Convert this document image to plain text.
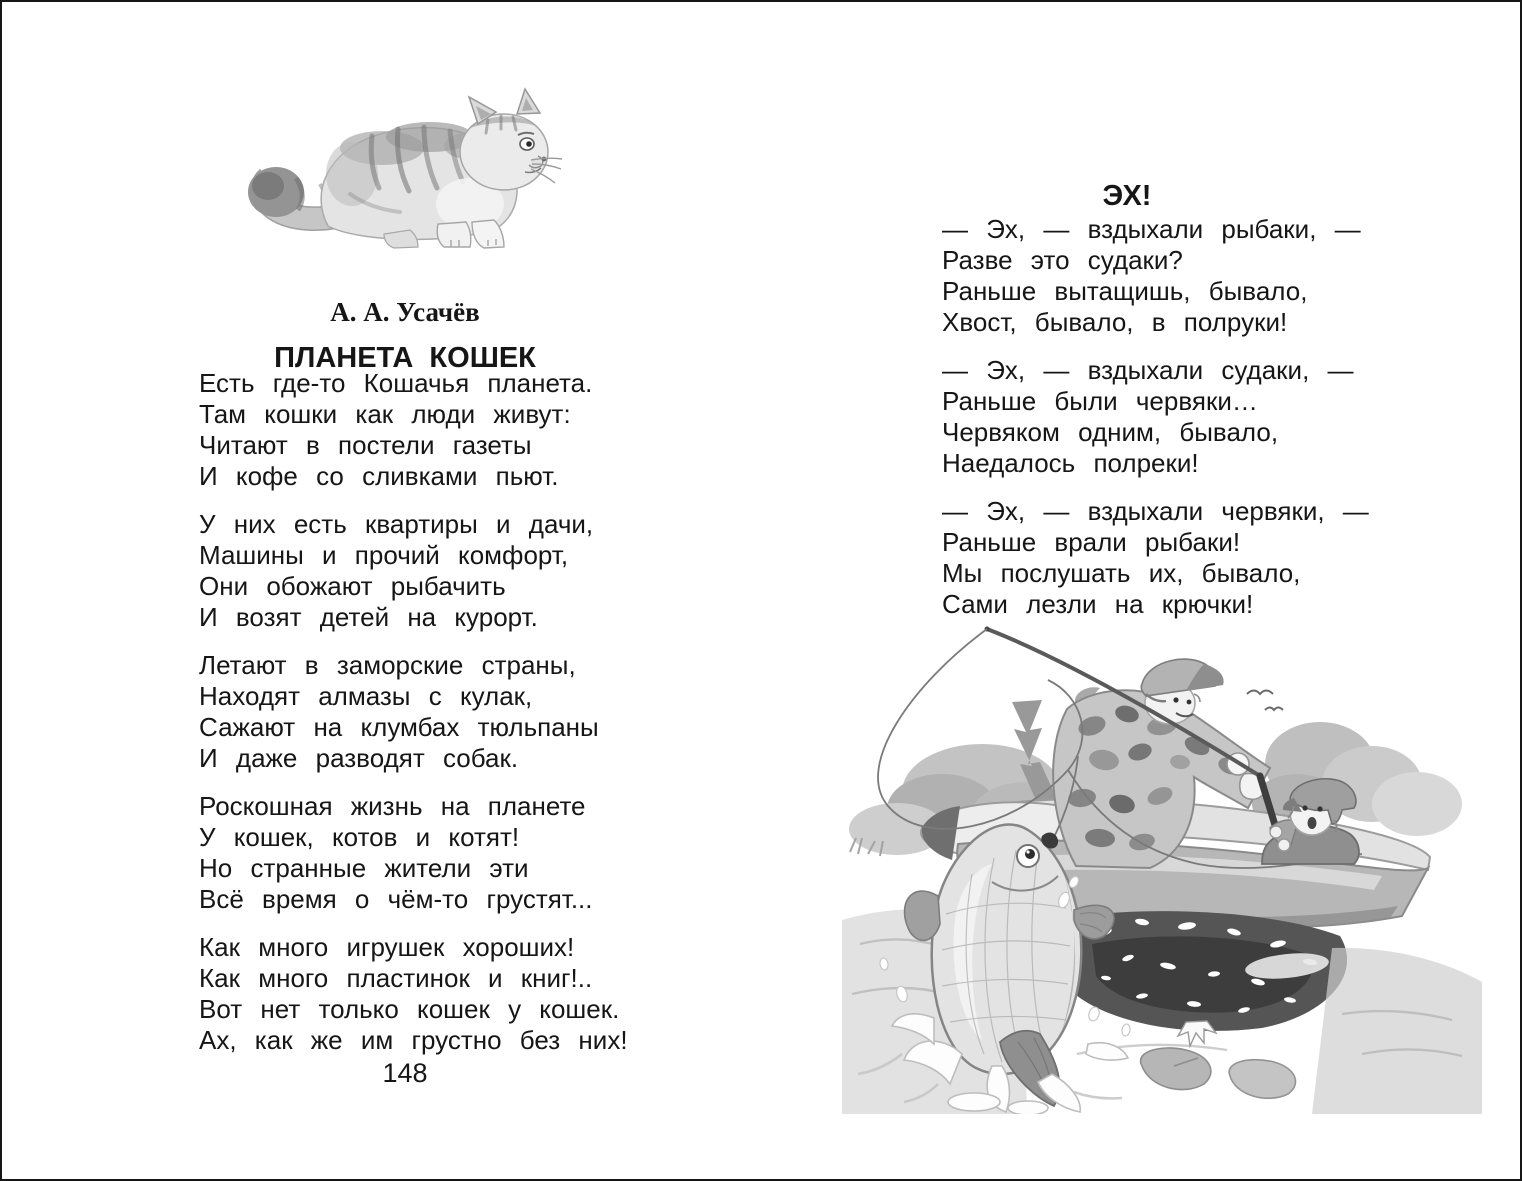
А. А. Усачёв
ПЛАНЕТА КОШЕК

Есть где-то Кошачья планета.

Там кошки как люди живут:

Читают в постели газеты

И кофе со сливками пьют.

У них есть квартиры и дачи,

Машины и прочий комфорт,

Они обожают рыбачить

И возят детей на курорт.

Летают в заморские страны,

Находят алмазы с кулак,

Сажают на клумбах тюльпаны

И даже разводят собак.

Роскошная жизнь на планете

У кошек, котов и котят!

Но странные жители эти

Всё время о чём-то грустят...

Как много игрушек хороших!

Как много пластинок и книг!..

Вот нет только кошек у кошек.

Ах, как же им грустно без них!

148
ЭХ!

— Эх, — вздыхали рыбаки, —

Разве это судаки?

Раньше вытащишь, бывало,

Хвост, бывало, в полруки!

— Эх, — вздыхали судаки, —

Раньше были червяки…

Червяком одним, бывало,

Наедалось полреки!

— Эх, — вздыхали червяки, —

Раньше врали рыбаки!

Мы послушать их, бывало,

Сами лезли на крючки!
